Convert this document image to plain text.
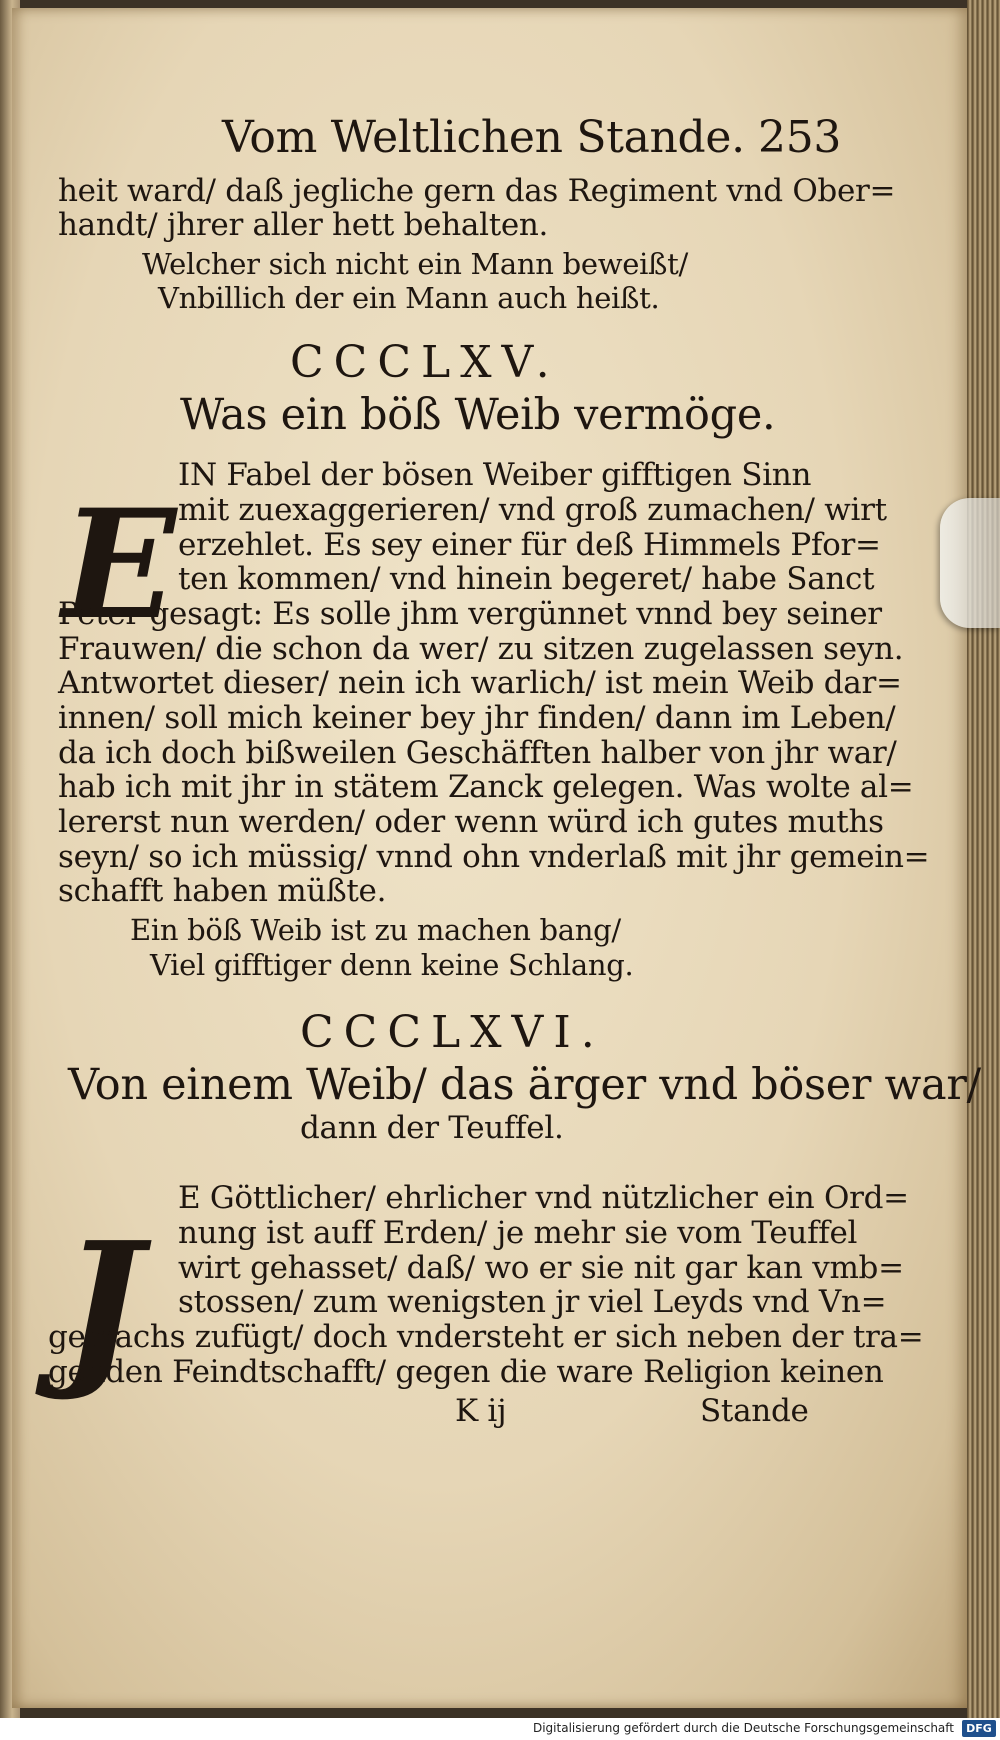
Vom Weltlichen Stande. 253
heit ward/ daß jegliche gern das Regiment vnd Ober=
handt/ jhrer aller hett behalten.
Welcher sich nicht ein Mann beweißt/
Vnbillich der ein Mann auch heißt.
CCCLXV.
Was ein böß Weib vermöge.
E
IN Fabel der bösen Weiber gifftigen Sinn
mit zuexaggerieren/ vnd groß zumachen/ wirt
erzehlet. Es sey einer für deß Himmels Pfor=
ten kommen/ vnd hinein begeret/ habe Sanct
Peter gesagt: Es solle jhm vergünnet vnnd bey seiner
Frauwen/ die schon da wer/ zu sitzen zugelassen seyn.
Antwortet dieser/ nein ich warlich/ ist mein Weib dar=
innen/ soll mich keiner bey jhr finden/ dann im Leben/
da ich doch bißweilen Geschäfften halber von jhr war/
hab ich mit jhr in stätem Zanck gelegen. Was wolte al=
lererst nun werden/ oder wenn würd ich gutes muths
seyn/ so ich müssig/ vnnd ohn vnderlaß mit jhr gemein=
schafft haben müßte.
Ein böß Weib ist zu machen bang/
Viel gifftiger denn keine Schlang.
CCCLXVI.
Von einem Weib/ das ärger vnd böser war/
dann der Teuffel.
J
E Göttlicher/ ehrlicher vnd nützlicher ein Ord=
nung ist auff Erden/ je mehr sie vom Teuffel
wirt gehasset/ daß/ wo er sie nit gar kan vmb=
stossen/ zum wenigsten jr viel Leyds vnd Vn=
gemachs zufügt/ doch vndersteht er sich neben der tra=
genden Feindtschafft/ gegen die ware Religion keinen
K ij	Stande
Digitalisierung gefördert durch die Deutsche Forschungsgemeinschaft	DFG
